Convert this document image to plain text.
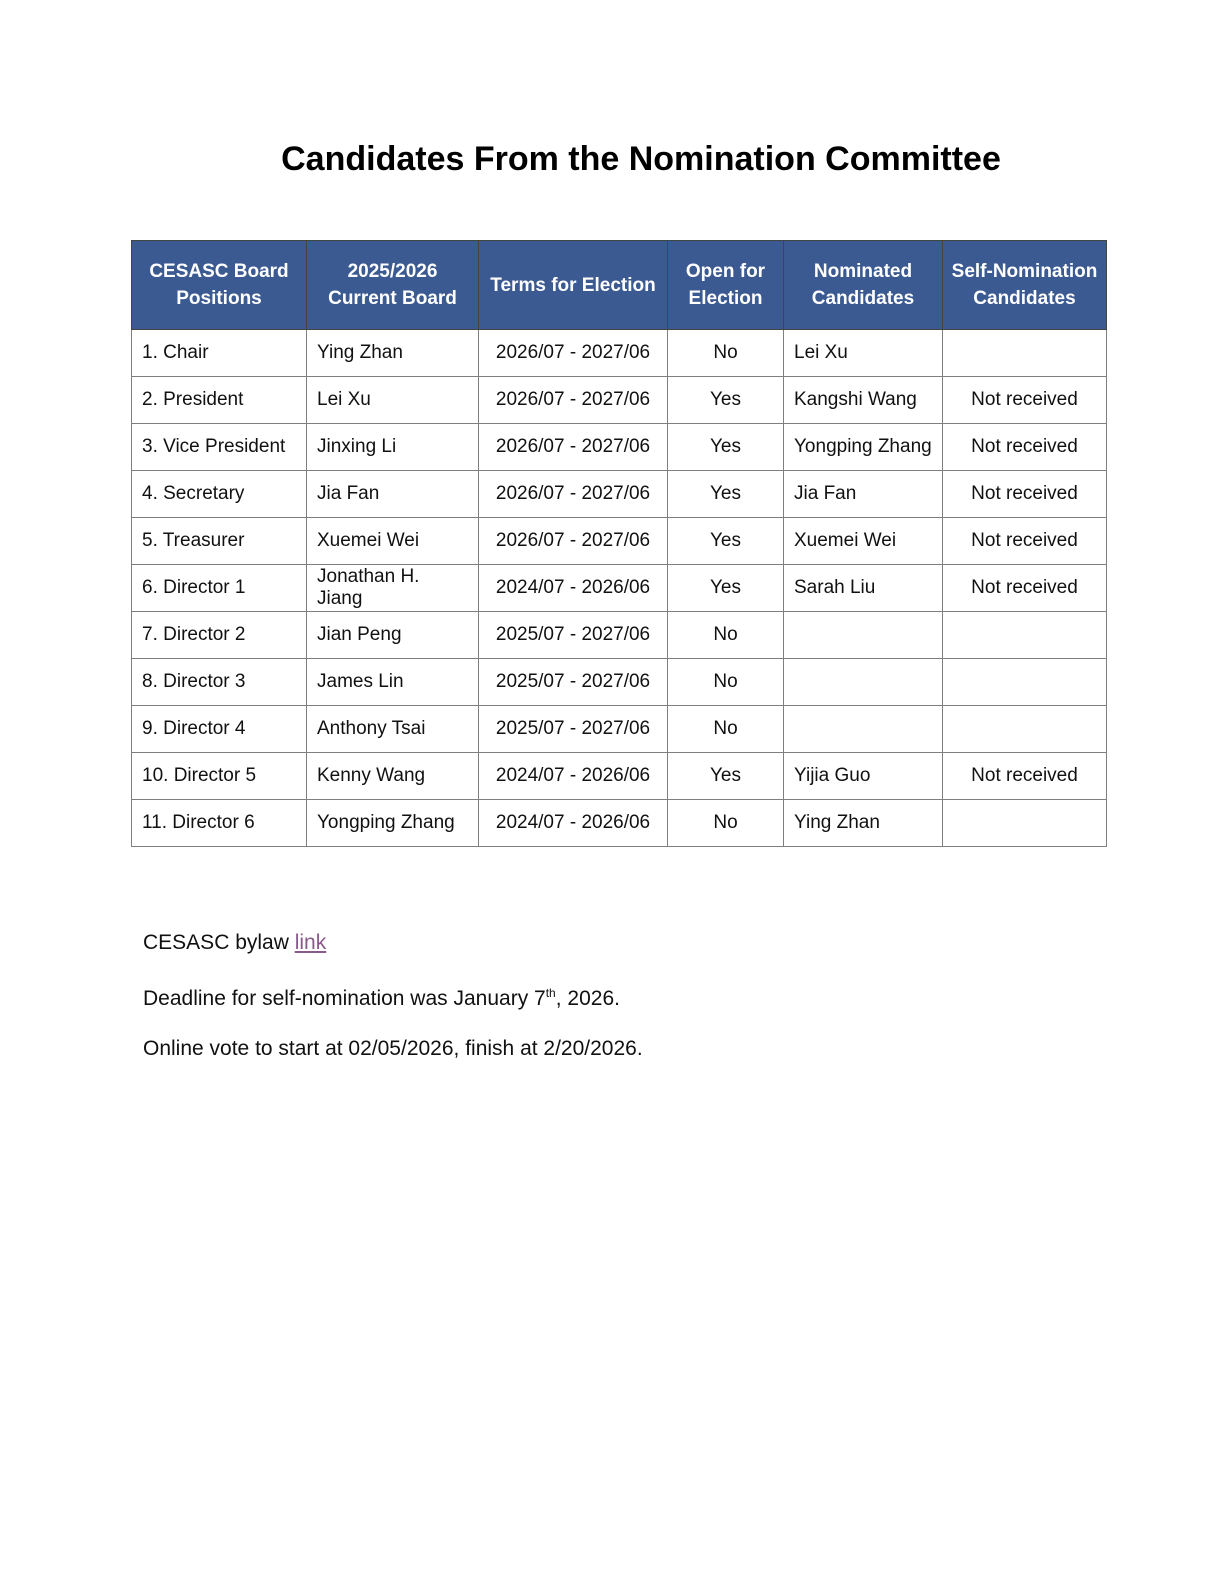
Candidates From the Nomination Committee
CESASC Board Positions	2025/2026 Current Board	Terms for Election	Open for Election	Nominated Candidates	Self-Nomination Candidates
1. Chair	Ying Zhan	2026/07 - 2027/06	No	Lei Xu	
2. President	Lei Xu	2026/07 - 2027/06	Yes	Kangshi Wang	Not received
3. Vice President	Jinxing Li	2026/07 - 2027/06	Yes	Yongping Zhang	Not received
4. Secretary	Jia Fan	2026/07 - 2027/06	Yes	Jia Fan	Not received
5. Treasurer	Xuemei Wei	2026/07 - 2027/06	Yes	Xuemei Wei	Not received
6. Director 1	Jonathan H. Jiang	2024/07 - 2026/06	Yes	Sarah Liu	Not received
7. Director 2	Jian Peng	2025/07 - 2027/06	No		
8. Director 3	James Lin	2025/07 - 2027/06	No		
9. Director 4	Anthony Tsai	2025/07 - 2027/06	No		
10. Director 5	Kenny Wang	2024/07 - 2026/06	Yes	Yijia Guo	Not received
11. Director 6	Yongping Zhang	2024/07 - 2026/06	No	Ying Zhan	

CESASC bylaw link

Deadline for self-nomination was January 7th, 2026.

Online vote to start at 02/05/2026, finish at 2/20/2026.
